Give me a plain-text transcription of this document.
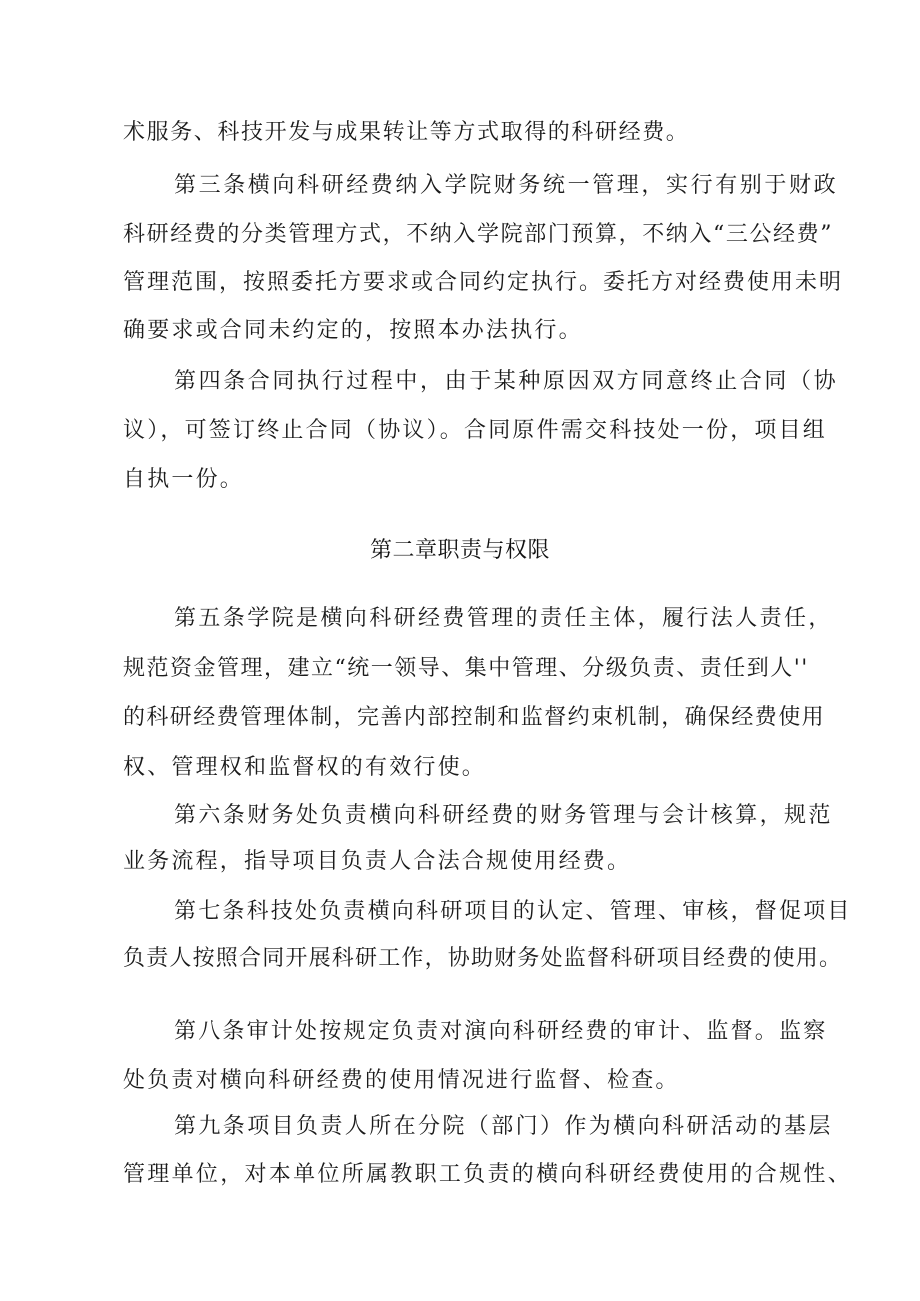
术服务、科技开发与成果转让等方式取得的科研经费。
第三条横向科研经费纳入学院财务统一管理，实行有别于财政
科研经费的分类管理方式，不纳入学院部门预算，不纳入“三公经费”
管理范围，按照委托方要求或合同约定执行。委托方对经费使用未明
确要求或合同未约定的，按照本办法执行。
第四条合同执行过程中，由于某种原因双方同意终止合同（协
议），可签订终止合同（协议）。合同原件需交科技处一份，项目组
自执一份。
第二章职责与权限
第五条学院是横向科研经费管理的责任主体，履行法人责任，
规范资金管理，建立“统一领导、集中管理、分级负责、责任到人''
的科研经费管理体制，完善内部控制和监督约束机制，确保经费使用
权、管理权和监督权的有效行使。
第六条财务处负责横向科研经费的财务管理与会计核算，规范
业务流程，指导项目负责人合法合规使用经费。
第七条科技处负责横向科研项目的认定、管理、审核，督促项目
负责人按照合同开展科研工作，协助财务处监督科研项目经费的使用。
第八条审计处按规定负责对演向科研经费的审计、监督。监察
处负责对横向科研经费的使用情况进行监督、检查。
第九条项目负责人所在分院（部门）作为横向科研活动的基层
管理单位，对本单位所属教职工负责的横向科研经费使用的合规性、
